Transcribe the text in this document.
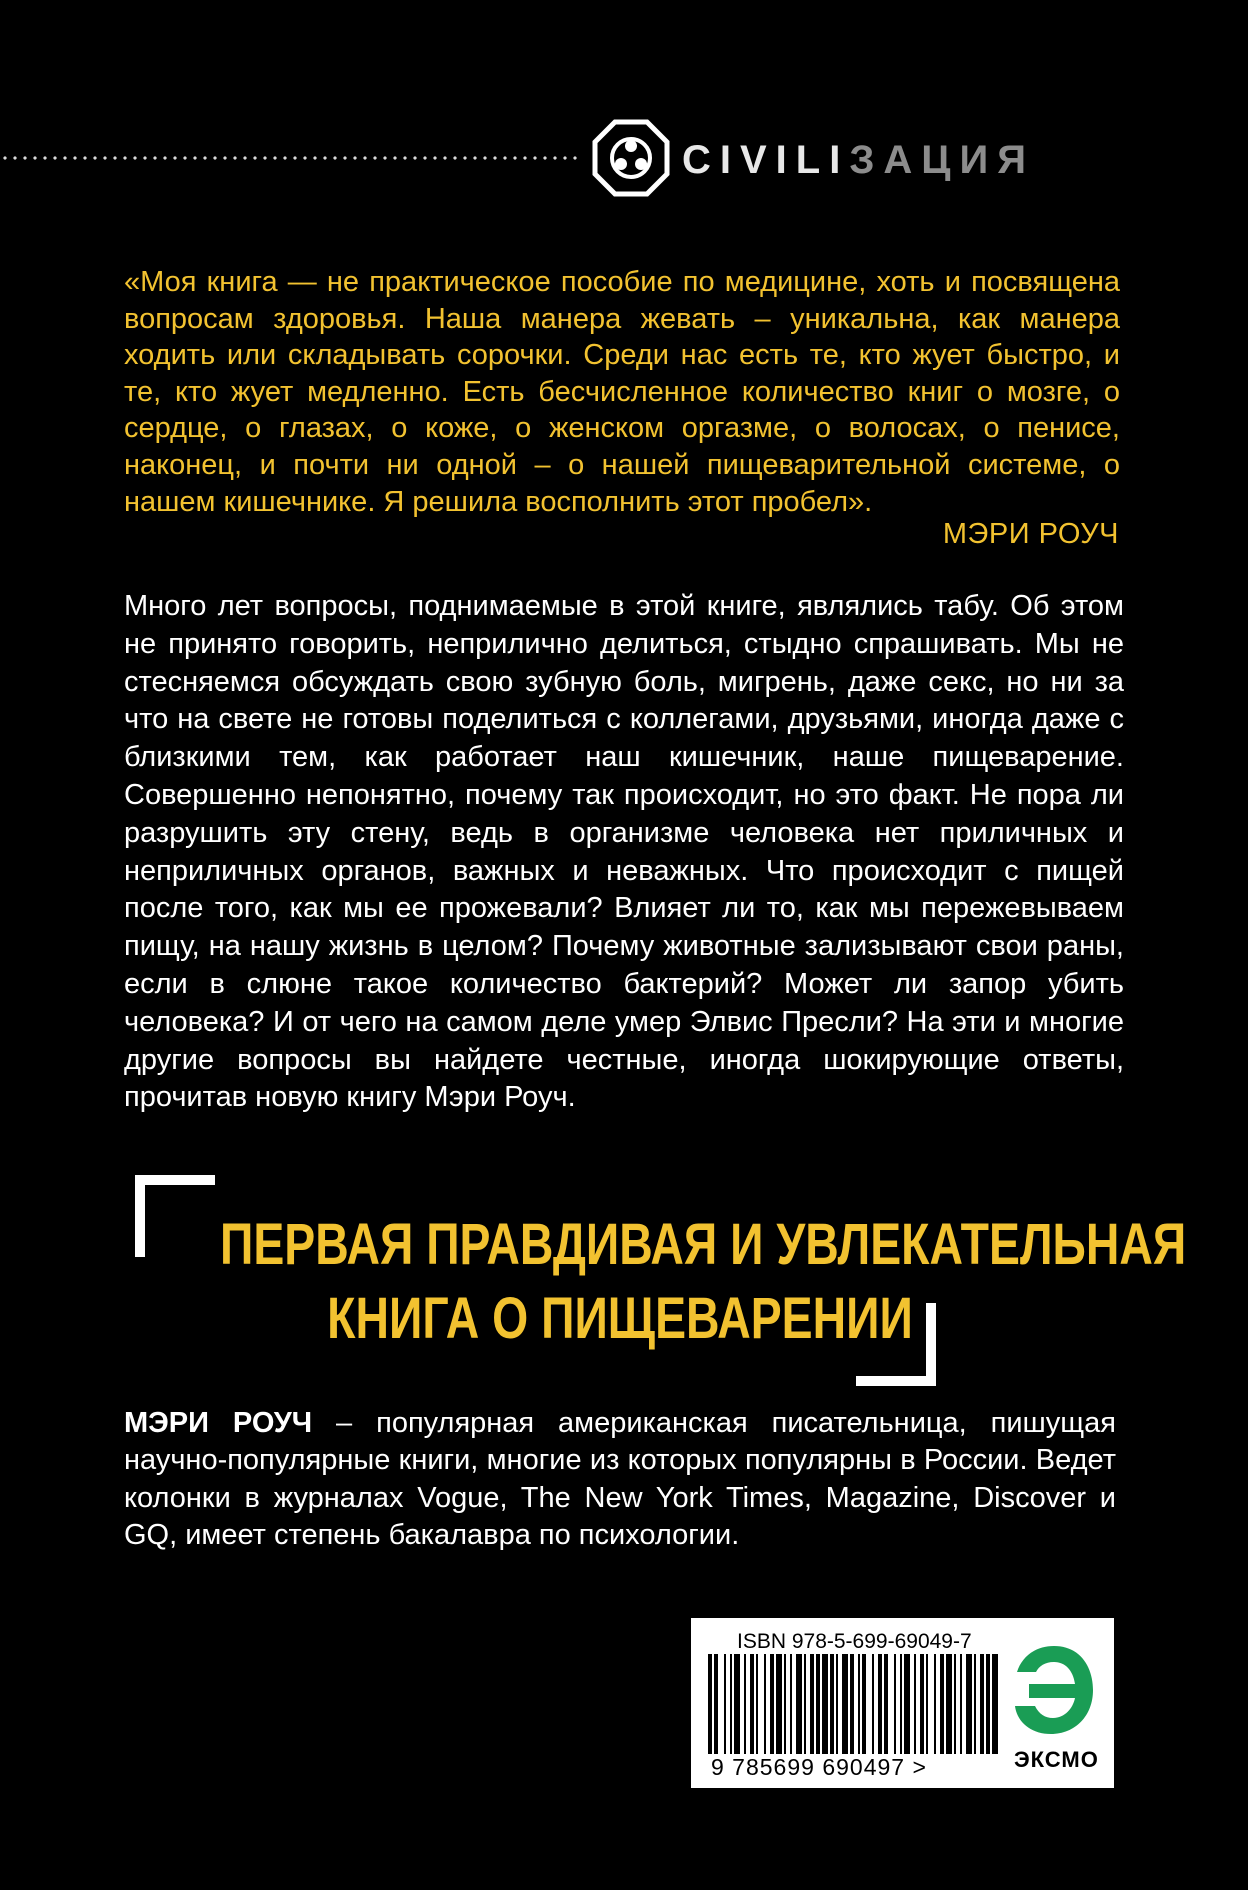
CIVILIЗАЦИЯ

«Моя книга — не практическое пособие по медицине, хоть и посвящена вопросам здоровья. Наша манера жевать – уникальна, как манера ходить или складывать сорочки. Среди нас есть те, кто жует быстро, и те, кто жует медленно. Есть бесчисленное количество книг о мозге, о сердце, о глазах, о коже, о женском оргазме, о волосах, о пенисе, наконец, и почти ни одной – о нашей пищеварительной системе, о нашем кишечнике. Я решила восполнить этот пробел».

МЭРИ РОУЧ

Много лет вопросы, поднимаемые в этой книге, являлись табу. Об этом не принято говорить, неприлично делиться, стыдно спрашивать. Мы не стесняемся обсуждать свою зубную боль, мигрень, даже секс, но ни за что на свете не готовы поделиться с коллегами, друзьями, иногда даже с близкими тем, как работает наш кишечник, наше пищеварение. Совершенно непонятно, почему так происходит, но это факт. Не пора ли разрушить эту стену, ведь в организме человека нет приличных и неприличных органов, важных и неважных. Что происходит с пищей после того, как мы ее прожевали? Влияет ли то, как мы пережевываем пищу, на нашу жизнь в целом? Почему животные зализывают свои раны, если в слюне такое количество бактерий? Может ли запор убить человека? И от чего на самом деле умер Элвис Пресли? На эти и многие другие вопросы вы найдете честные, иногда шокирующие ответы, прочитав новую книгу Мэри Роуч.

ПЕРВАЯ ПРАВДИВАЯ И УВЛЕКАТЕЛЬНАЯ
КНИГА О ПИЩЕВАРЕНИИ

МЭРИ РОУЧ – популярная американская писательница, пишущая научно-популярные книги, многие из которых популярны в России. Ведет колонки в журналах Vogue, The New York Times, Magazine, Discover и GQ, имеет степень бакалавра по психологии.

ISBN 978-5-699-69049-7
9 785699 690497 >	ЭКСМО
